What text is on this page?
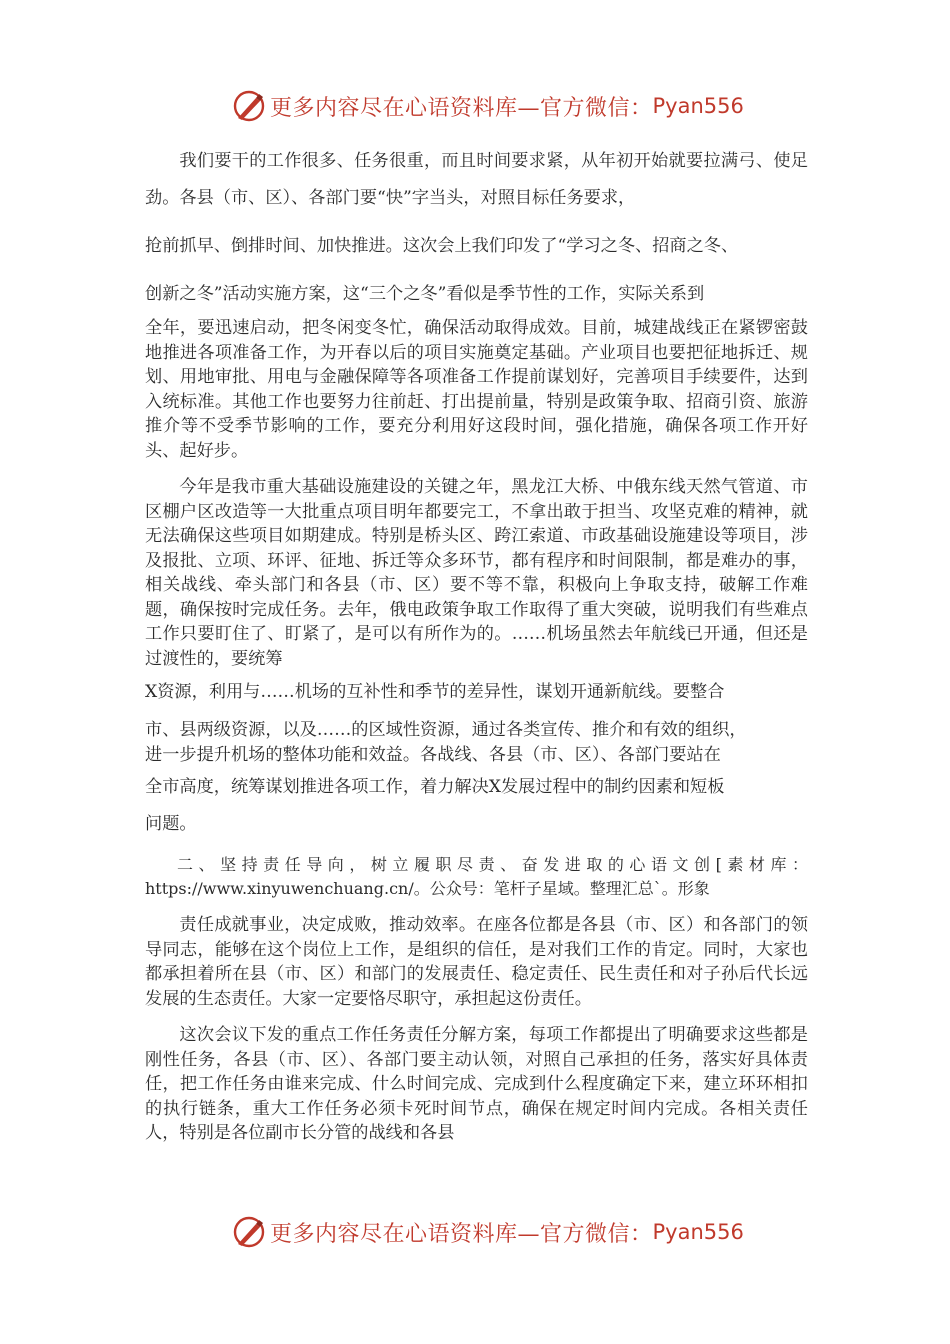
更多内容尽在心语资料库—官方微信： Pyan556

我们要干的工作很多、任务很重，而且时间要求紧，从年初开始就要拉满弓、使足劲。各县（市、区）、各部门要“快”字当头，对照目标任务要求，

抢前抓早、倒排时间、加快推进。这次会上我们印发了“学习之冬、招商之冬、

创新之冬”活动实施方案，这“三个之冬”看似是季节性的工作，实际关系到

全年，要迅速启动，把冬闲变冬忙，确保活动取得成效。目前，城建战线正在紧锣密鼓地推进各项准备工作，为开春以后的项目实施奠定基础。产业项目也要把征地拆迁、规划、用地审批、用电与金融保障等各项准备工作提前谋划好，完善项目手续要件，达到入统标准。其他工作也要努力往前赶、打出提前量，特别是政策争取、招商引资、旅游推介等不受季节影响的工作，要充分利用好这段时间，强化措施，确保各项工作开好头、起好步。

今年是我市重大基础设施建设的关键之年，黑龙江大桥、中俄东线天然气管道、市区棚户区改造等一大批重点项目明年都要完工，不拿出敢于担当、攻坚克难的精神，就无法确保这些项目如期建成。特别是桥头区、跨江索道、市政基础设施建设等项目，涉及报批、立项、环评、征地、拆迁等众多环节，都有程序和时间限制，都是难办的事，相关战线、牵头部门和各县（市、区）要不等不靠，积极向上争取支持，破解工作难题，确保按时完成任务。去年，俄电政策争取工作取得了重大突破，说明我们有些难点工作只要盯住了、盯紧了，是可以有所作为的。……机场虽然去年航线已开通，但还是过渡性的，要统筹

X资源，利用与……机场的互补性和季节的差异性，谋划开通新航线。要整合

市、县两级资源，以及……的区域性资源，通过各类宣传、推介和有效的组织，

进一步提升机场的整体功能和效益。各战线、各县（市、区）、各部门要站在

全市高度，统筹谋划推进各项工作，着力解决X发展过程中的制约因素和短板

问题。

二、坚持责任导向，树立履职尽责、奋发进取的心语文创[素材库：https://www.xinyuwenchuang.cn/。公众号：笔杆子星域。整理汇总`。形象

责任成就事业，决定成败，推动效率。在座各位都是各县（市、区）和各部门的领导同志，能够在这个岗位上工作，是组织的信任，是对我们工作的肯定。同时，大家也都承担着所在县（市、区）和部门的发展责任、稳定责任、民生责任和对子孙后代长远发展的生态责任。大家一定要恪尽职守，承担起这份责任。

这次会议下发的重点工作任务责任分解方案，每项工作都提出了明确要求这些都是刚性任务，各县（市、区）、各部门要主动认领，对照自己承担的任务，落实好具体责任，把工作任务由谁来完成、什么时间完成、完成到什么程度确定下来，建立环环相扣的执行链条，重大工作任务必须卡死时间节点，确保在规定时间内完成。各相关责任人，特别是各位副市长分管的战线和各县

更多内容尽在心语资料库—官方微信： Pyan556
